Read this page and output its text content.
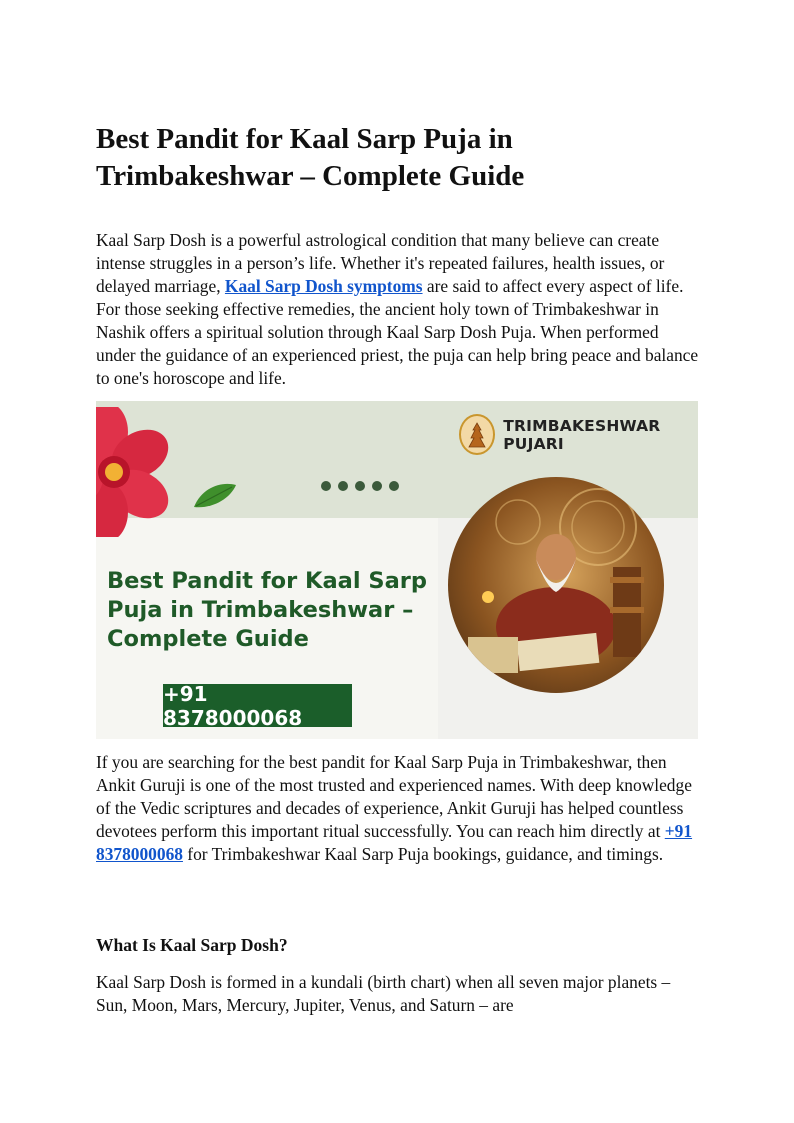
Best Pandit for Kaal Sarp Puja in Trimbakeshwar – Complete Guide

Kaal Sarp Dosh is a powerful astrological condition that many believe can create intense struggles in a person’s life. Whether it's repeated failures, health issues, or delayed marriage, Kaal Sarp Dosh symptoms are said to affect every aspect of life. For those seeking effective remedies, the ancient holy town of Trimbakeshwar in Nashik offers a spiritual solution through Kaal Sarp Dosh Puja. When performed under the guidance of an experienced priest, the puja can help bring peace and balance to one's horoscope and life.

TRIMBAKESHWAR PUJARI
Best Pandit for Kaal Sarp Puja in Trimbakeshwar – Complete Guide
+91 8378000068

If you are searching for the best pandit for Kaal Sarp Puja in Trimbakeshwar, then Ankit Guruji is one of the most trusted and experienced names. With deep knowledge of the Vedic scriptures and decades of experience, Ankit Guruji has helped countless devotees perform this important ritual successfully. You can reach him directly at +91 8378000068 for Trimbakeshwar Kaal Sarp Puja bookings, guidance, and timings.

What Is Kaal Sarp Dosh?

Kaal Sarp Dosh is formed in a kundali (birth chart) when all seven major planets – Sun, Moon, Mars, Mercury, Jupiter, Venus, and Saturn – are
